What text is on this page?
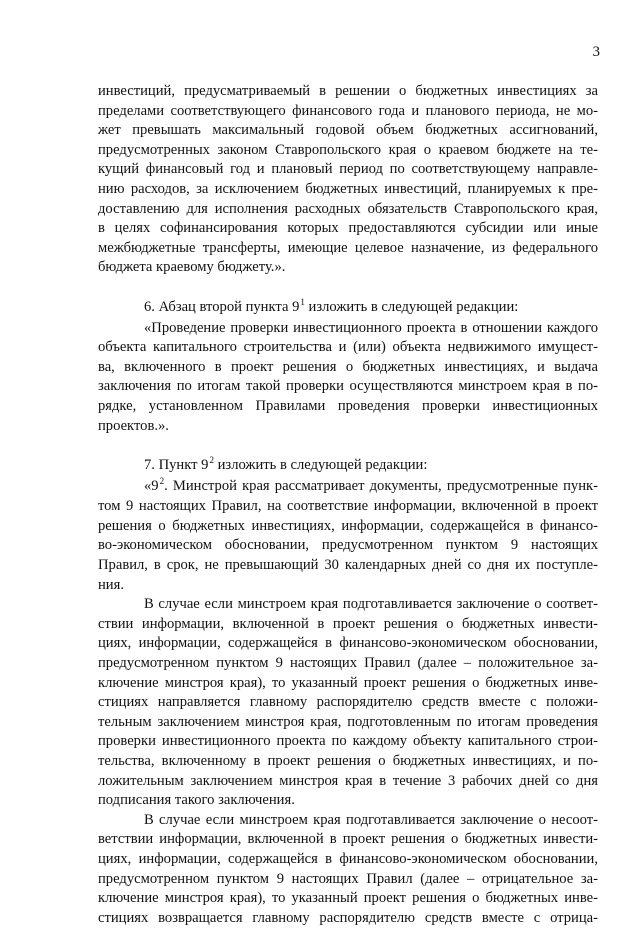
3
инвестиций, предусматриваемый в решении о бюджетных инвестициях за
пределами соответствующего финансового года и планового периода, не мо-
жет превышать максимальный годовой объем бюджетных ассигнований,
предусмотренных законом Ставропольского края о краевом бюджете на те-
кущий финансовый год и плановый период по соответствующему направле-
нию расходов, за исключением бюджетных инвестиций, планируемых к пре-
доставлению для исполнения расходных обязательств Ставропольского края,
в целях софинансирования которых предоставляются субсидии или иные
межбюджетные трансферты, имеющие целевое назначение, из федерального
бюджета краевому бюджету.».
6. Абзац второй пункта $9^1$ изложить в следующей редакции:
«Проведение проверки инвестиционного проекта в отношении каждого
объекта капитального строительства и (или) объекта недвижимого имущест-
ва, включенного в проект решения о бюджетных инвестициях, и выдача
заключения по итогам такой проверки осуществляются минстроем края в по-
рядке, установленном Правилами проведения проверки инвестиционных
проектов.».
7. Пункт $9^2$ изложить в следующей редакции:
«$9^2$. Минстрой края рассматривает документы, предусмотренные пунк-
том 9 настоящих Правил, на соответствие информации, включенной в проект
решения о бюджетных инвестициях, информации, содержащейся в финансо-
во-экономическом обосновании, предусмотренном пунктом 9 настоящих
Правил, в срок, не превышающий 30 календарных дней со дня их поступле-
ния.
В случае если минстроем края подготавливается заключение о соответ-
ствии информации, включенной в проект решения о бюджетных инвести-
циях, информации, содержащейся в финансово-экономическом обосновании,
предусмотренном пунктом 9 настоящих Правил (далее – положительное за-
ключение минстроя края), то указанный проект решения о бюджетных инве-
стициях направляется главному распорядителю средств вместе с положи-
тельным заключением минстроя края, подготовленным по итогам проведения
проверки инвестиционного проекта по каждому объекту капитального строи-
тельства, включенному в проект решения о бюджетных инвестициях, и по-
ложительным заключением минстроя края в течение 3 рабочих дней со дня
подписания такого заключения.
В случае если минстроем края подготавливается заключение о несоот-
ветствии информации, включенной в проект решения о бюджетных инвести-
циях, информации, содержащейся в финансово-экономическом обосновании,
предусмотренном пунктом 9 настоящих Правил (далее – отрицательное за-
ключение минстроя края), то указанный проект решения о бюджетных инве-
стициях возвращается главному распорядителю средств вместе с отрица-
